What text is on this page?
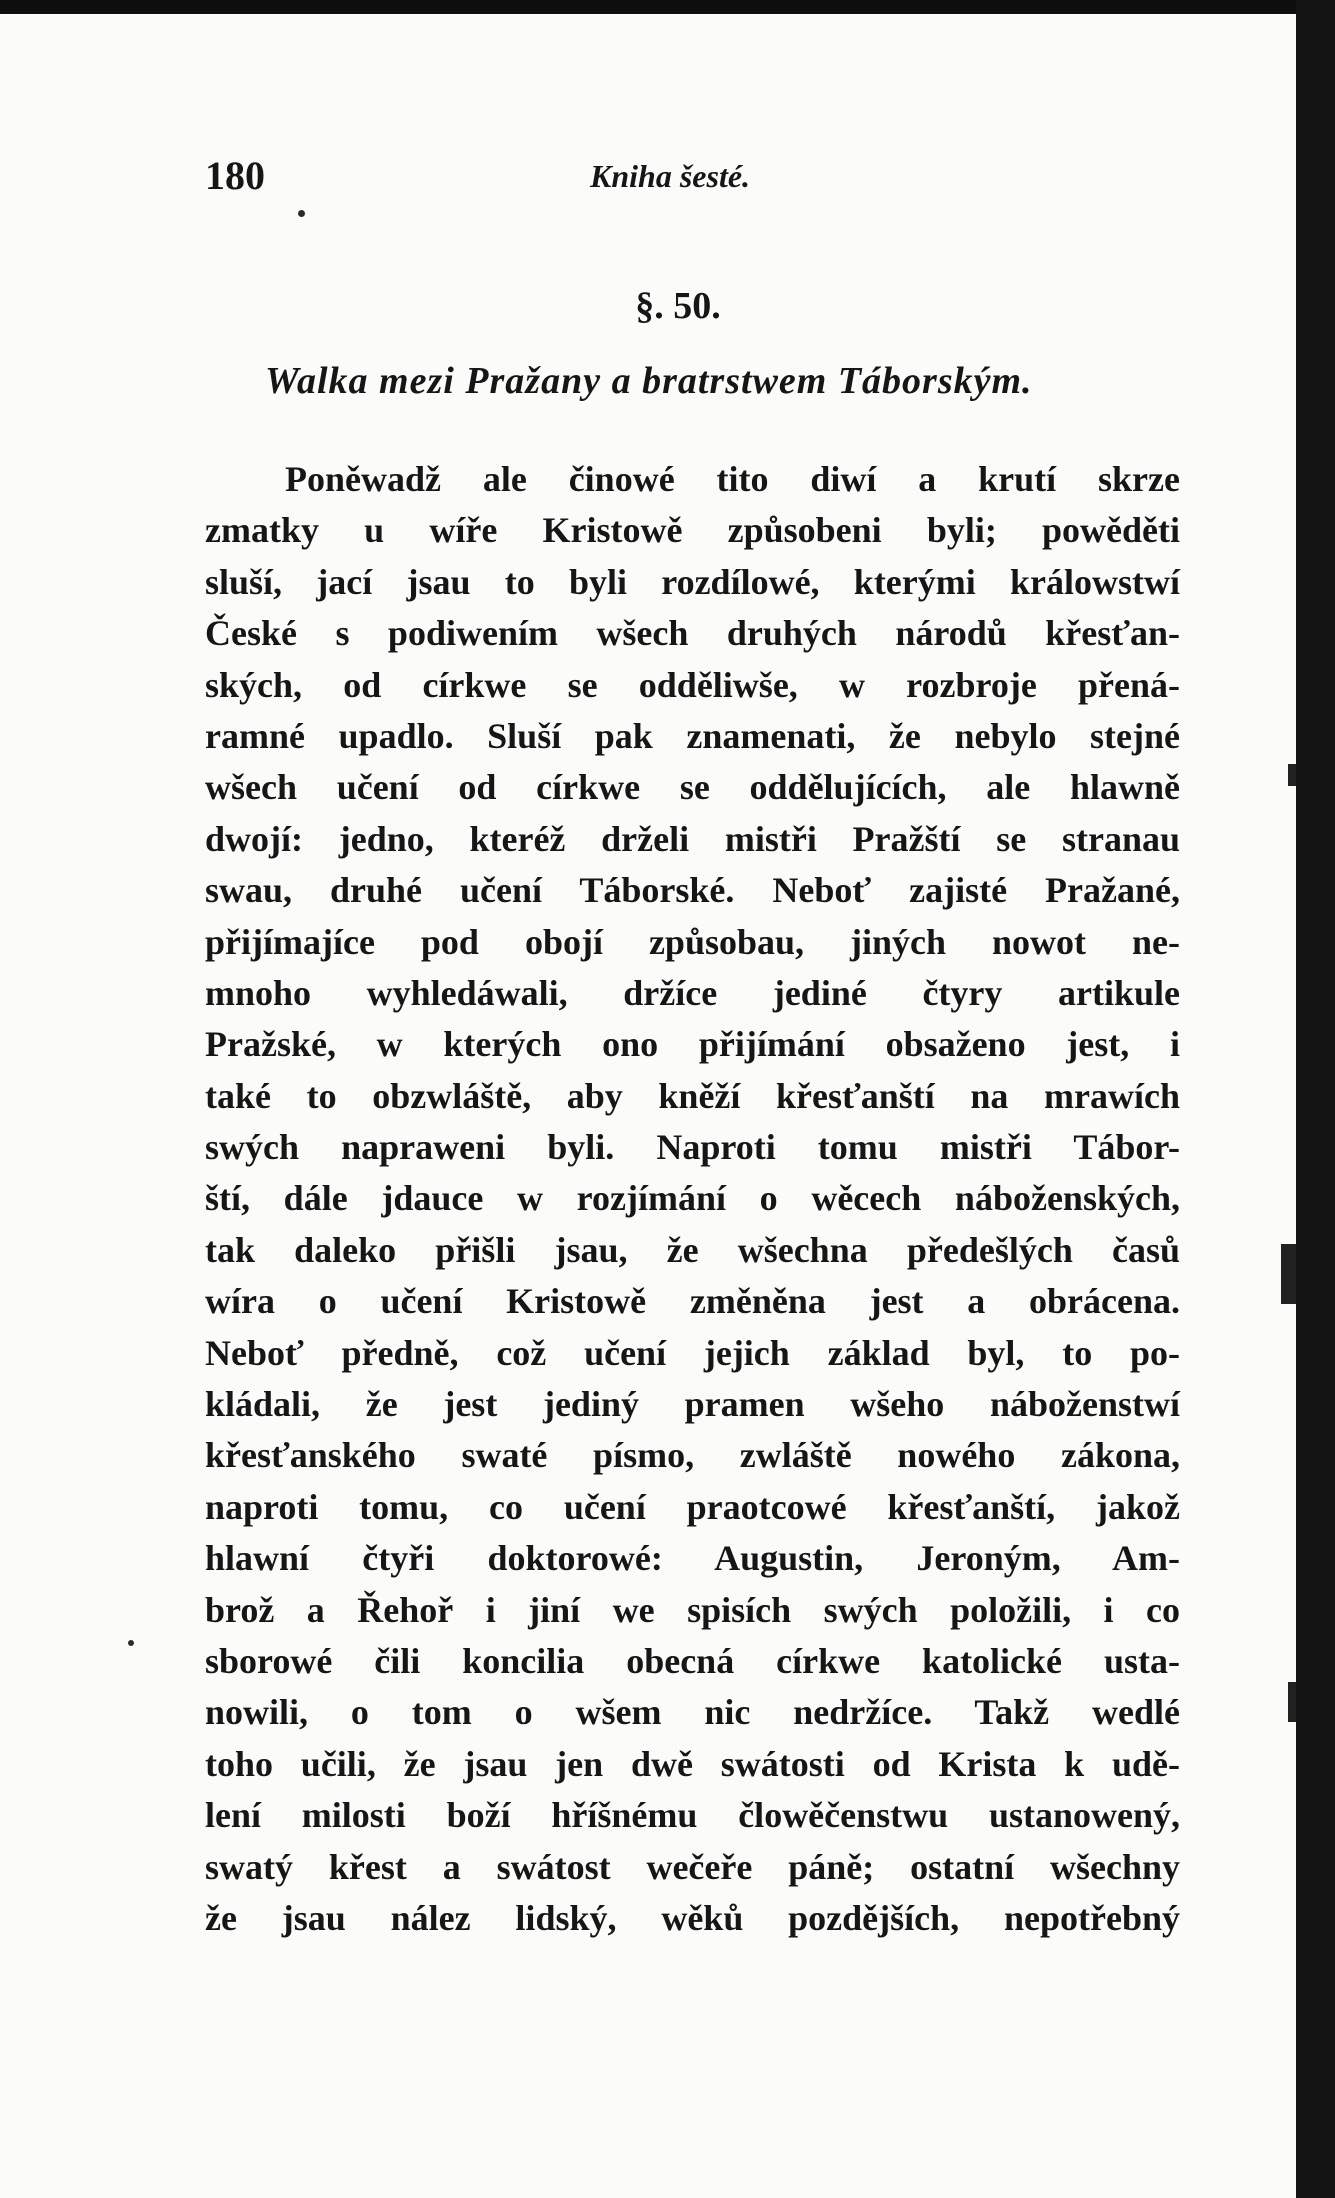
180	Kniha šesté.
§. 50.
Walka mezi Pražany a bratrstwem Táborským.
Poněwadž ale činowé tito diwí a krutí skrze
zmatky u wíře Kristowě způsobeni byli; powěděti
sluší, jací jsau to byli rozdílowé, kterými králowstwí
České s podiwením wšech druhých národů křesťan-
ských, od církwe se odděliwše, w rozbroje přená-
ramné upadlo. Sluší pak znamenati, že nebylo stejné
wšech učení od církwe se oddělujících, ale hlawně
dwojí: jedno, kteréž drželi mistři Pražští se stranau
swau, druhé učení Táborské. Neboť zajisté Pražané,
přijímajíce pod obojí způsobau, jiných nowot ne-
mnoho wyhledáwali, držíce jediné čtyry artikule
Pražské, w kterých ono přijímání obsaženo jest, i
také to obzwláště, aby kněží křesťanští na mrawích
swých napraweni byli. Naproti tomu mistři Tábor-
ští, dále jdauce w rozjímání o wěcech náboženských,
tak daleko přišli jsau, že wšechna předešlých časů
wíra o učení Kristowě změněna jest a obrácena.
Neboť předně, což učení jejich základ byl, to po-
kládali, že jest jediný pramen wšeho náboženstwí
křesťanského swaté písmo, zwláště nowého zákona,
naproti tomu, co učení praotcowé křesťanští, jakož
hlawní čtyři doktorowé: Augustin, Jeroným, Am-
brož a Řehoř i jiní we spisích swých položili, i co
sborowé čili koncilia obecná církwe katolické usta-
nowili, o tom o wšem nic nedržíce. Takž wedlé
toho učili, že jsau jen dwě swátosti od Krista k udě-
lení milosti boží hříšnému člowěčenstwu ustanowený,
swatý křest a swátost wečeře páně; ostatní wšechny
že jsau nález lidský, wěků pozdějších, nepotřebný
